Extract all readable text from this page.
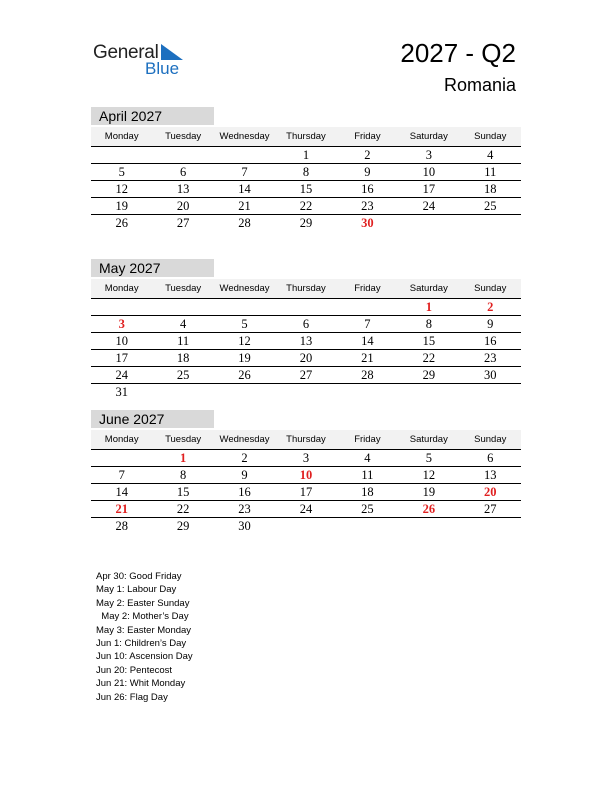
General
Blue
2027 - Q2
Romania
April 2027
Monday	Tuesday	Wednesday	Thursday	Friday	Saturday	Sunday
			1	2	3	4
5	6	7	8	9	10	11
12	13	14	15	16	17	18
19	20	21	22	23	24	25
26	27	28	29	30		
May 2027
Monday	Tuesday	Wednesday	Thursday	Friday	Saturday	Sunday
					1	2
3	4	5	6	7	8	9
10	11	12	13	14	15	16
17	18	19	20	21	22	23
24	25	26	27	28	29	30
31						
June 2027
Monday	Tuesday	Wednesday	Thursday	Friday	Saturday	Sunday
	1	2	3	4	5	6
7	8	9	10	11	12	13
14	15	16	17	18	19	20
21	22	23	24	25	26	27
28	29	30				
Apr 30: Good Friday
May 1: Labour Day
May 2: Easter Sunday
May 2: Mother’s Day
May 3: Easter Monday
Jun 1: Children’s Day
Jun 10: Ascension Day
Jun 20: Pentecost
Jun 21: Whit Monday
Jun 26: Flag Day
